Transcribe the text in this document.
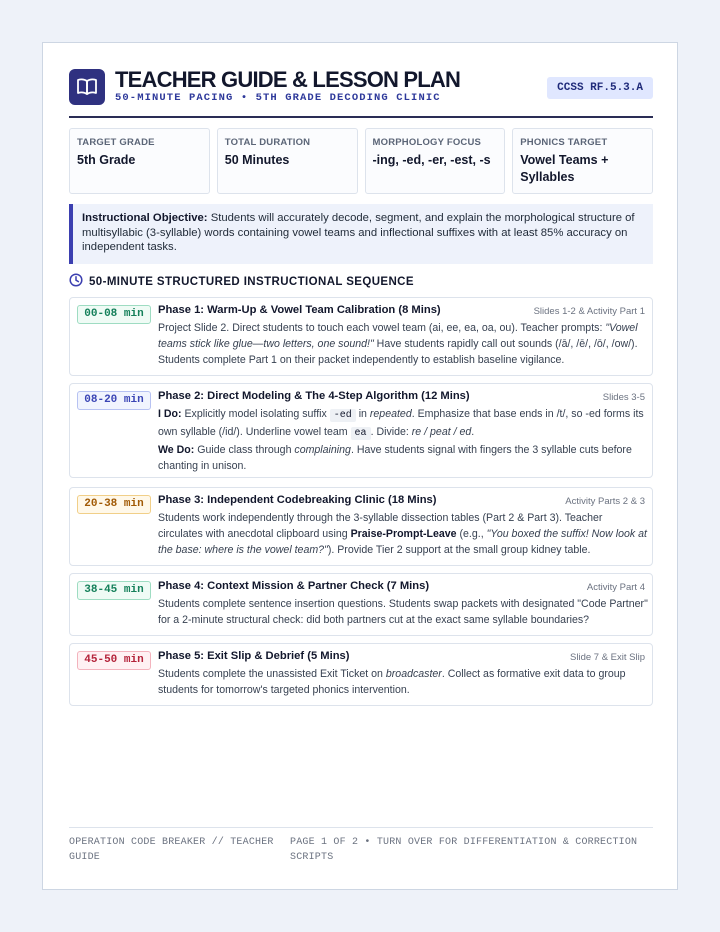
TEACHER GUIDE & LESSON PLAN
50-MINUTE PACING • 5TH GRADE DECODING CLINIC
CCSS RF.5.3.A
TARGET GRADE
5th Grade
TOTAL DURATION
50 Minutes
MORPHOLOGY FOCUS
-ing, -ed, -er, -est, -s
PHONICS TARGET
Vowel Teams + Syllables
Instructional Objective: Students will accurately decode, segment, and explain the morphological structure of multisyllabic (3-syllable) words containing vowel teams and inflectional suffixes with at least 85% accuracy on independent tasks.
50-MINUTE STRUCTURED INSTRUCTIONAL SEQUENCE
00-08 min	Phase 1: Warm-Up & Vowel Team Calibration (8 Mins)	Slides 1-2 & Activity Part 1
Project Slide 2. Direct students to touch each vowel team (ai, ee, ea, oa, ou). Teacher prompts: "Vowel teams stick like glue—two letters, one sound!" Have students rapidly call out sounds (/ā/, /ē/, /ō/, /ow/). Students complete Part 1 on their packet independently to establish baseline vigilance.
08-20 min	Phase 2: Direct Modeling & The 4-Step Algorithm (12 Mins)	Slides 3-5
I Do: Explicitly model isolating suffix -ed in repeated. Emphasize that base ends in /t/, so -ed forms its own syllable (/id/). Underline vowel team ea . Divide: re / peat / ed.
We Do: Guide class through complaining. Have students signal with fingers the 3 syllable cuts before chanting in unison.
20-38 min	Phase 3: Independent Codebreaking Clinic (18 Mins)	Activity Parts 2 & 3
Students work independently through the 3-syllable dissection tables (Part 2 & Part 3). Teacher circulates with anecdotal clipboard using Praise-Prompt-Leave (e.g., "You boxed the suffix! Now look at the base: where is the vowel team?"). Provide Tier 2 support at the small group kidney table.
38-45 min	Phase 4: Context Mission & Partner Check (7 Mins)	Activity Part 4
Students complete sentence insertion questions. Students swap packets with designated "Code Partner" for a 2-minute structural check: did both partners cut at the exact same syllable boundaries?
45-50 min	Phase 5: Exit Slip & Debrief (5 Mins)	Slide 7 & Exit Slip
Students complete the unassisted Exit Ticket on broadcaster. Collect as formative exit data to group students for tomorrow's targeted phonics intervention.
OPERATION CODE BREAKER // TEACHER GUIDE
PAGE 1 OF 2 • TURN OVER FOR DIFFERENTIATION & CORRECTION SCRIPTS
